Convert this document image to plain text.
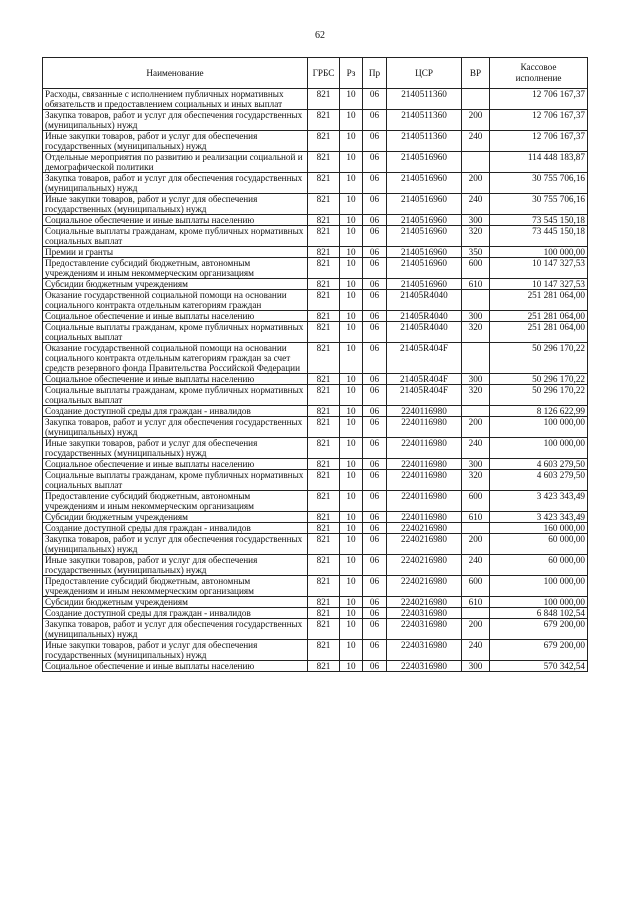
62
Наименование	ГРБС	Рз	Пр	ЦСР	ВР	Кассовое
исполнение

Расходы, связанные с исполнением публичных нормативных обязательств и предоставлением социальных и иных выплат	821	10	06	2140511360		12 706 167,37
Закупка товаров, работ и услуг для обеспечения государственных (муниципальных) нужд	821	10	06	2140511360	200	12 706 167,37
Иные закупки товаров, работ и услуг для обеспечения государственных (муниципальных) нужд	821	10	06	2140511360	240	12 706 167,37
Отдельные мероприятия по развитию и реализации социальной и демографической политики	821	10	06	2140516960		114 448 183,87
Закупка товаров, работ и услуг для обеспечения государственных (муниципальных) нужд	821	10	06	2140516960	200	30 755 706,16
Иные закупки товаров, работ и услуг для обеспечения государственных (муниципальных) нужд	821	10	06	2140516960	240	30 755 706,16
Социальное обеспечение и иные выплаты населению	821	10	06	2140516960	300	73 545 150,18
Социальные выплаты гражданам, кроме публичных нормативных социальных выплат	821	10	06	2140516960	320	73 445 150,18
Премии и гранты	821	10	06	2140516960	350	100 000,00
Предоставление субсидий бюджетным, автономным учреждениям и иным некоммерческим организациям	821	10	06	2140516960	600	10 147 327,53
Субсидии бюджетным учреждениям	821	10	06	2140516960	610	10 147 327,53
Оказание государственной социальной помощи на основании социального контракта отдельным категориям граждан	821	10	06	21405R4040		251 281 064,00
Социальное обеспечение и иные выплаты населению	821	10	06	21405R4040	300	251 281 064,00
Социальные выплаты гражданам, кроме публичных нормативных социальных выплат	821	10	06	21405R4040	320	251 281 064,00
Оказание государственной социальной помощи на основании социального контракта отдельным категориям граждан за счет средств резервного фонда Правительства Российской Федерации	821	10	06	21405R404F		50 296 170,22
Социальное обеспечение и иные выплаты населению	821	10	06	21405R404F	300	50 296 170,22
Социальные выплаты гражданам, кроме публичных нормативных социальных выплат	821	10	06	21405R404F	320	50 296 170,22
Создание доступной среды для граждан - инвалидов	821	10	06	2240116980		8 126 622,99
Закупка товаров, работ и услуг для обеспечения государственных (муниципальных) нужд	821	10	06	2240116980	200	100 000,00
Иные закупки товаров, работ и услуг для обеспечения государственных (муниципальных) нужд	821	10	06	2240116980	240	100 000,00
Социальное обеспечение и иные выплаты населению	821	10	06	2240116980	300	4 603 279,50
Социальные выплаты гражданам, кроме публичных нормативных социальных выплат	821	10	06	2240116980	320	4 603 279,50
Предоставление субсидий бюджетным, автономным учреждениям и иным некоммерческим организациям	821	10	06	2240116980	600	3 423 343,49
Субсидии бюджетным учреждениям	821	10	06	2240116980	610	3 423 343,49
Создание доступной среды для граждан - инвалидов	821	10	06	2240216980		160 000,00
Закупка товаров, работ и услуг для обеспечения государственных (муниципальных) нужд	821	10	06	2240216980	200	60 000,00
Иные закупки товаров, работ и услуг для обеспечения государственных (муниципальных) нужд	821	10	06	2240216980	240	60 000,00
Предоставление субсидий бюджетным, автономным учреждениям и иным некоммерческим организациям	821	10	06	2240216980	600	100 000,00
Субсидии бюджетным учреждениям	821	10	06	2240216980	610	100 000,00
Создание доступной среды для граждан - инвалидов	821	10	06	2240316980		6 848 102,54
Закупка товаров, работ и услуг для обеспечения государственных (муниципальных) нужд	821	10	06	2240316980	200	679 200,00
Иные закупки товаров, работ и услуг для обеспечения государственных (муниципальных) нужд	821	10	06	2240316980	240	679 200,00
Социальное обеспечение и иные выплаты населению	821	10	06	2240316980	300	570 342,54
